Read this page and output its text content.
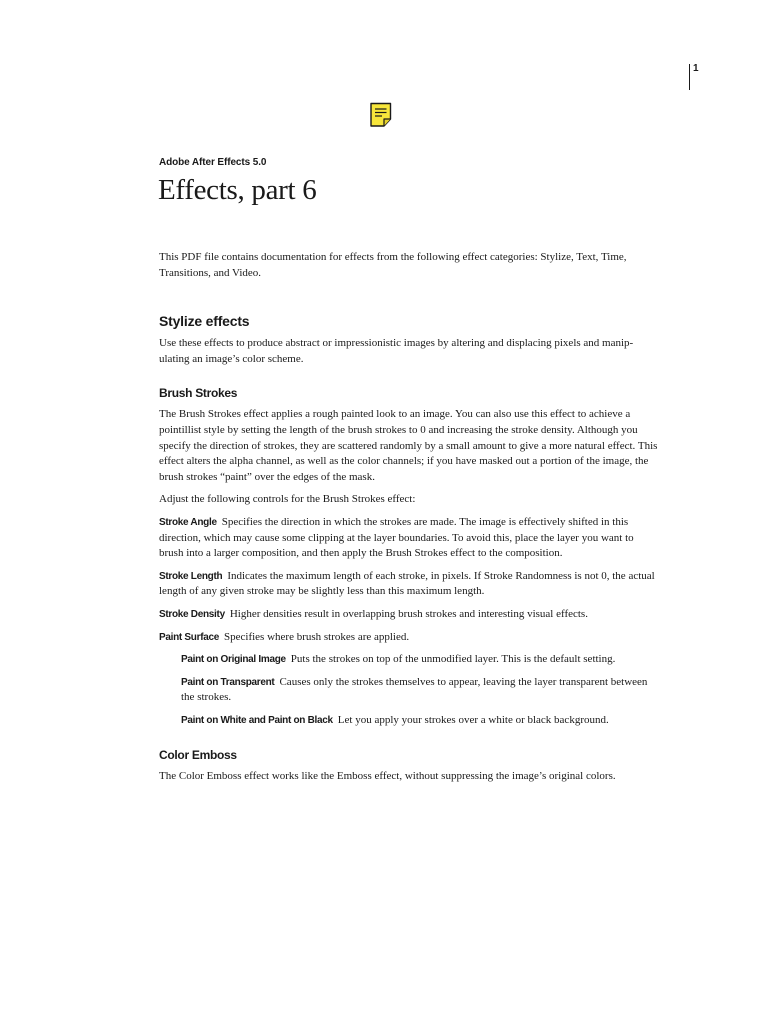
1
Adobe After Effects 5.0
Effects, part 6

This PDF file contains documentation for effects from the following effect categories: Stylize, Text, Time, Transitions, and Video.

Stylize effects

Use these effects to produce abstract or impressionistic images by altering and displacing pixels and manip-ulating an image’s color scheme.

Brush Strokes

The Brush Strokes effect applies a rough painted look to an image. You can also use this effect to achieve a pointillist style by setting the length of the brush strokes to 0 and increasing the stroke density. Although you specify the direction of strokes, they are scattered randomly by a small amount to give a more natural effect. This effect alters the alpha channel, as well as the color channels; if you have masked out a portion of the image, the brush strokes “paint” over the edges of the mask.

Adjust the following controls for the Brush Strokes effect:

Stroke Angle Specifies the direction in which the strokes are made. The image is effectively shifted in this direction, which may cause some clipping at the layer boundaries. To avoid this, place the layer you want to brush into a larger composition, and then apply the Brush Strokes effect to the composition.

Stroke Length Indicates the maximum length of each stroke, in pixels. If Stroke Randomness is not 0, the actual length of any given stroke may be slightly less than this maximum length.

Stroke Density Higher densities result in overlapping brush strokes and interesting visual effects.

Paint Surface Specifies where brush strokes are applied.

Paint on Original Image Puts the strokes on top of the unmodified layer. This is the default setting.

Paint on Transparent Causes only the strokes themselves to appear, leaving the layer transparent between the strokes.

Paint on White and Paint on Black Let you apply your strokes over a white or black background.

Color Emboss

The Color Emboss effect works like the Emboss effect, without suppressing the image’s original colors.
